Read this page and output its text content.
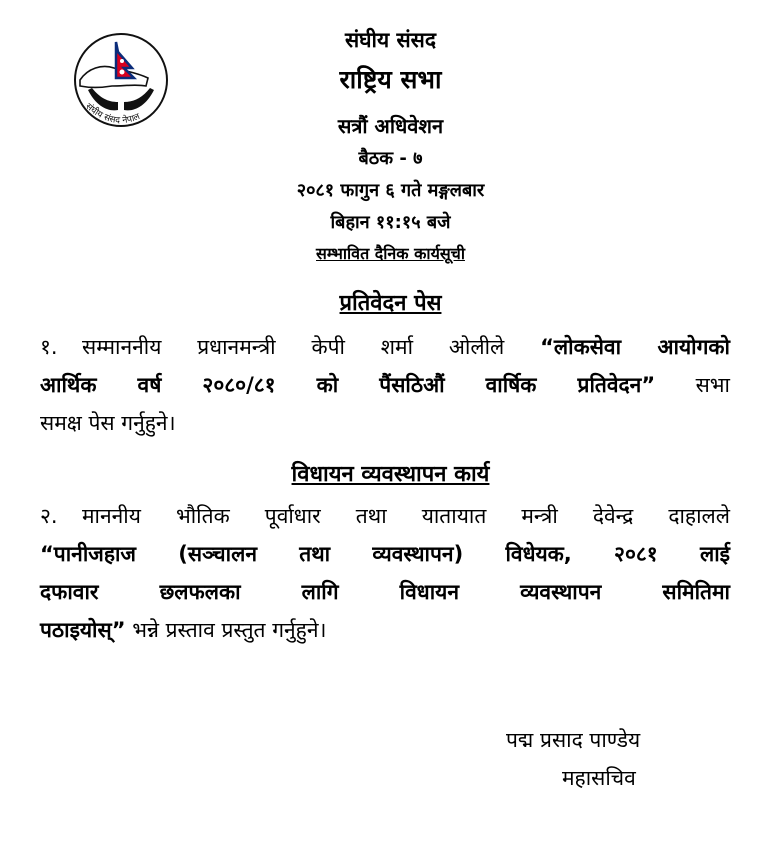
संघीय संसद नेपाल
संघीय संसद
राष्ट्रिय सभा
सत्रौं अधिवेशन
बैठक - ७
२०८१ फागुन ६ गते मङ्गलबार
बिहान ११:१५ बजे
सम्भावित दैनिक कार्यसूची
प्रतिवेदन पेस
१.	सम्माननीय प्रधानमन्त्री केपी शर्मा ओलीले “लोकसेवा आयोगको
आर्थिक वर्ष २०८०/८१ को पैंसठिऔं वार्षिक प्रतिवेदन” सभा
समक्ष पेस गर्नुहुने।
विधायन व्यवस्थापन कार्य
२.	माननीय भौतिक पूर्वाधार तथा यातायात मन्त्री देवेन्द्र दाहालले
“पानीजहाज (सञ्चालन तथा व्यवस्थापन) विधेयक, २०८१ लाई
दफावार छलफलका लागि विधायन व्यवस्थापन समितिमा
पठाइयोस्” भन्ने प्रस्ताव प्रस्तुत गर्नुहुने।
पद्म प्रसाद पाण्डेय
महासचिव
